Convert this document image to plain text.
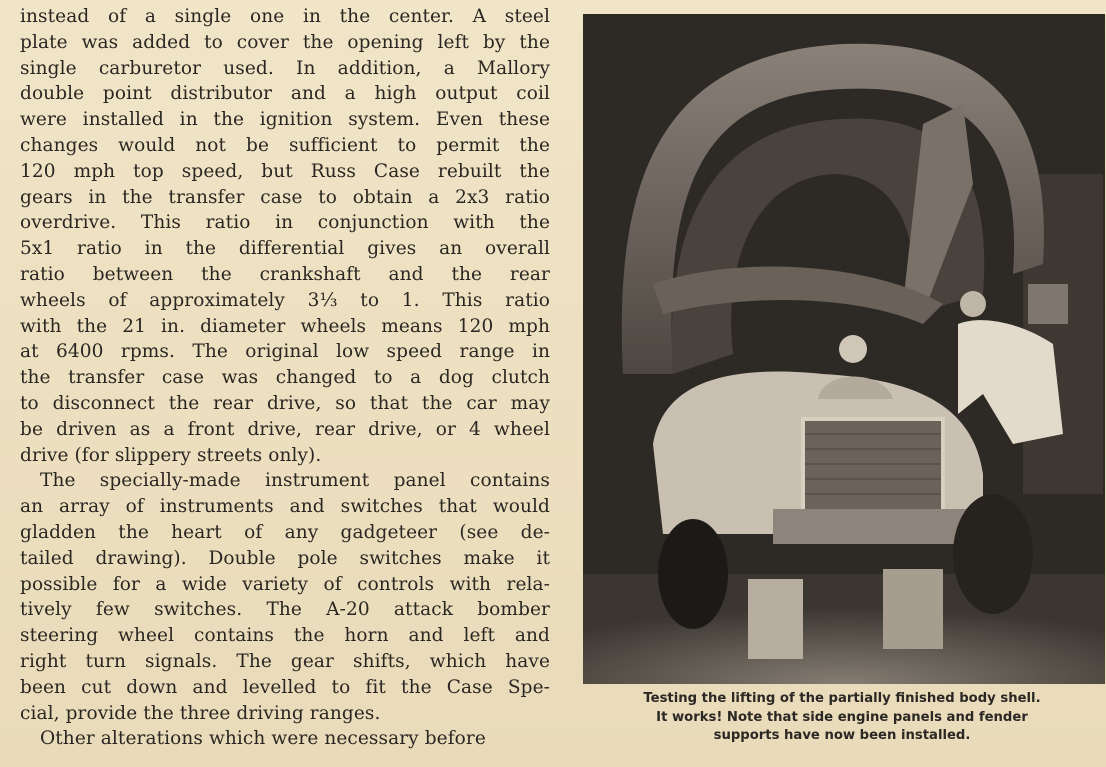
instead of a single one in the center. A steel
plate was added to cover the opening left by the
single carburetor used. In addition, a Mallory
double point distributor and a high output coil
were installed in the ignition system. Even these
changes would not be sufficient to permit the
120 mph top speed, but Russ Case rebuilt the
gears in the transfer case to obtain a 2x3 ratio
overdrive. This ratio in conjunction with the
5x1 ratio in the differential gives an overall
ratio between the crankshaft and the rear
wheels of approximately 3⅓ to 1. This ratio
with the 21 in. diameter wheels means 120 mph
at 6400 rpms. The original low speed range in
the transfer case was changed to a dog clutch
to disconnect the rear drive, so that the car may
be driven as a front drive, rear drive, or 4 wheel
drive (for slippery streets only).
The specially-made instrument panel contains
an array of instruments and switches that would
gladden the heart of any gadgeteer (see de-
tailed drawing). Double pole switches make it
possible for a wide variety of controls with rela-
tively few switches. The A-20 attack bomber
steering wheel contains the horn and left and
right turn signals. The gear shifts, which have
been cut down and levelled to fit the Case Spe-
cial, provide the three driving ranges.
Other alterations which were necessary before
Testing the lifting of the partially finished body shell.
It works! Note that side engine panels and fender
supports have now been installed.
